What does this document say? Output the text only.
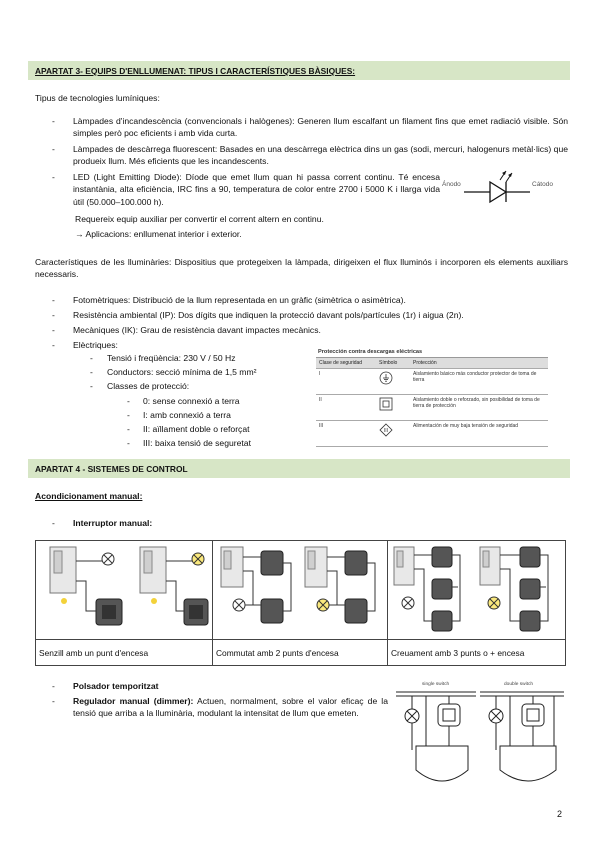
APARTAT 3- EQUIPS D'ENLLUMENAT: TIPUS I CARACTERÍSTIQUES BÀSIQUES:
Tipus de tecnologies lumíniques:
- Làmpades d'incandescència (convencionals i halògenes): Generen llum escalfant un filament fins que emet radiació visible. Són simples però poc eficients i amb vida curta.
- Làmpades de descàrrega fluorescent: Basades en una descàrrega elèctrica dins un gas (sodi, mercuri, halogenurs metàl·lics) que produeix llum. Més eficients que les incandescents.
- LED (Light Emitting Diode): Díode que emet llum quan hi passa corrent continu. Té encesa instantània, alta eficiència, IRC fins a 90, temperatura de color entre 2700 i 5000 K i llarga vida útil (50.000–100.000 h).
Ánodo	Cátodo
Requereix equip auxiliar per convertir el corrent altern en continu.
→ Aplicacions: enllumenat interior i exterior.
Característiques de les lluminàries: Dispositius que protegeixen la làmpada, dirigeixen el flux lluminós i incorporen els elements auxiliars necessaris.
- Fotomètriques: Distribució de la llum representada en un gràfic (simètrica o asimètrica).
- Resistència ambiental (IP): Dos dígits que indiquen la protecció davant pols/partícules (1r) i aigua (2n).
- Mecàniques (IK): Grau de resistència davant impactes mecànics.
- Elèctriques:
- Tensió i freqüència: 230 V / 50 Hz
- Conductors: secció mínima de 1,5 mm²
- Classes de protecció:
- 0: sense connexió a terra
- I: amb connexió a terra
- II: aïllament doble o reforçat
- III: baixa tensió de seguretat
Protección contra descargas eléctricas
Clase de seguridad	Símbolo	Protección
I		Aislamiento básico más conductor protector de toma de tierra
II		Aislamiento doble o reforzado, sin posibilidad de toma de tierra de protección
III	III	Alimentación de muy baja tensión de seguridad
APARTAT 4 - SISTEMES DE CONTROL
Acondicionament manual:
- Interruptor manual:
Senzill amb un punt d'encesa	Commutat amb 2 punts d'encesa	Creuament amb 3 punts o + encesa
- Polsador temporitzat
- Regulador manual (dimmer): Actuen, normalment, sobre el valor eficaç de la tensió que arriba a la lluminària, modulant la intensitat de llum que emeten.
single switch	double switch
2
